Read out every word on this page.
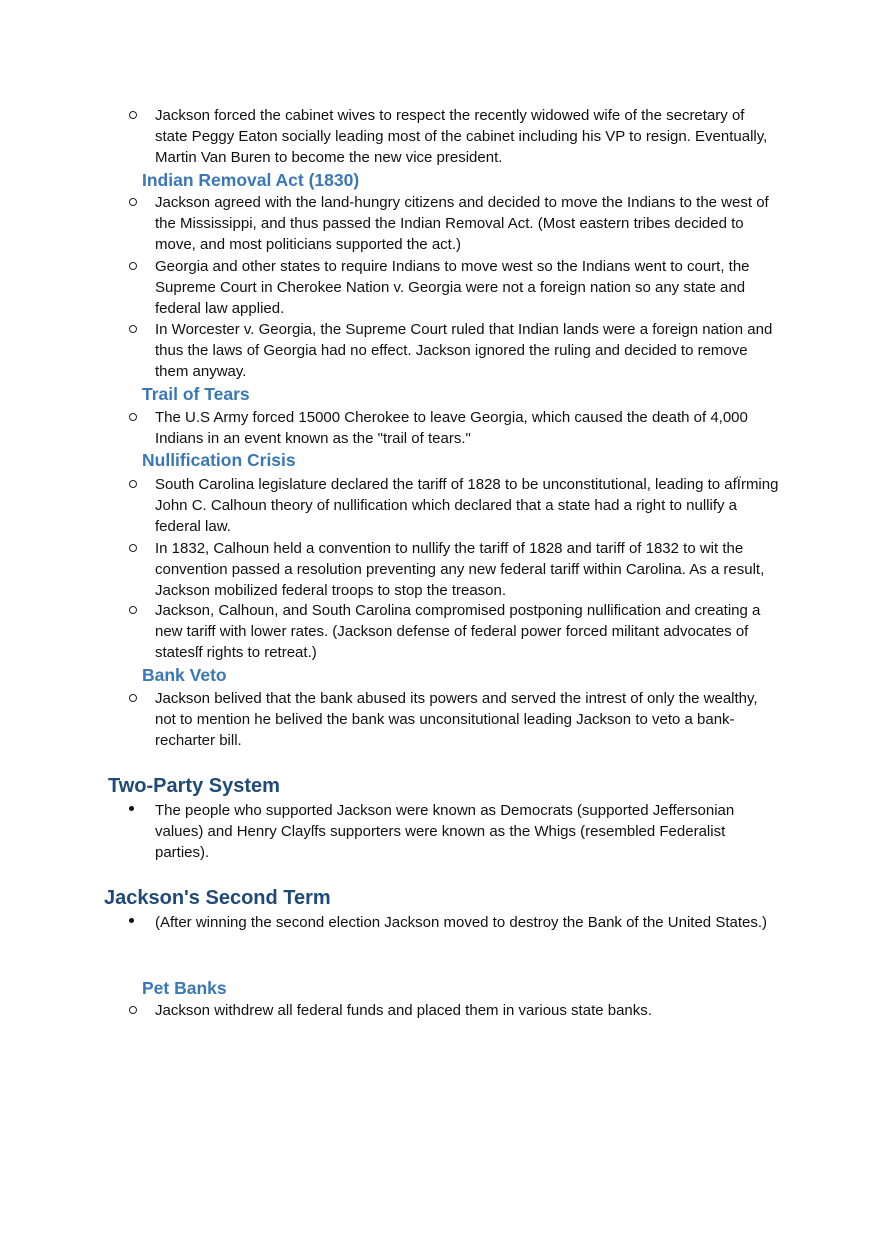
Jackson forced the cabinet wives to respect the recently widowed wife of the secretary of state Peggy Eaton socially leading most of the cabinet including his VP to resign. Eventually, Martin Van Buren to become the new vice president.
Indian Removal Act (1830)
Jackson agreed with the land-hungry citizens and decided to move the Indians to the west of the Mississippi, and thus passed the Indian Removal Act. (Most eastern tribes decided to move, and most politicians supported the act.)
Georgia and other states to require Indians to move west so the Indians went to court, the Supreme Court in Cherokee Nation v. Georgia were not a foreign nation so any state and federal law applied.
In Worcester v. Georgia, the Supreme Court ruled that Indian lands were a foreign nation and thus the laws of Georgia had no effect. Jackson ignored the ruling and decided to remove them anyway.
Trail of Tears
The U.S Army forced 15000 Cherokee to leave Georgia, which caused the death of 4,000 Indians in an event known as the "trail of tears."
Nullification Crisis
South Carolina legislature declared the tariff of 1828 to be unconstitutional, leading to afÏrming John C. Calhoun theory of nullification which declared that a state had a right to nullify a federal law.
In 1832, Calhoun held a convention to nullify the tariff of 1828 and tariff of 1832 to wit the convention passed a resolution preventing any new federal tariff within Carolina. As a result, Jackson mobilized federal troops to stop the treason.
Jackson, Calhoun, and South Carolina compromised postponing nullification and creating a new tariff with lower rates. (Jackson defense of federal power forced militant advocates of statesſf rights to retreat.)
Bank Veto
Jackson belived that the bank abused its powers and served the intrest of only the wealthy, not to mention he belived the bank was unconsitutional leading Jackson to veto a bank-recharter bill.
Two-Party System
The people who supported Jackson were known as Democrats (supported Jeffersonian values) and Henry Clayſfs supporters were known as the Whigs (resembled Federalist parties).
Jackson's Second Term
(After winning the second election Jackson moved to destroy the Bank of the United States.)
Pet Banks
Jackson withdrew all federal funds and placed them in various state banks.
